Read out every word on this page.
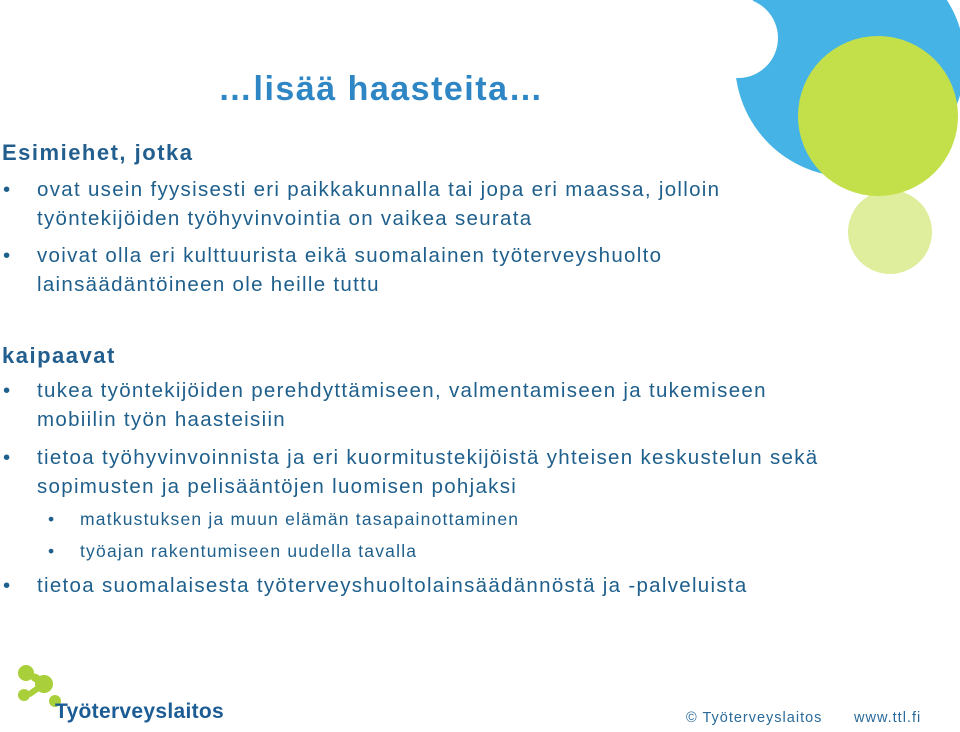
…lisää haasteita…
Esimiehet, jotka
• ovat usein fyysisesti eri paikkakunnalla tai jopa eri maassa, jolloin työntekijöiden työhyvinvointia on vaikea seurata
• voivat olla eri kulttuurista eikä suomalainen työterveyshuolto lainsäädäntöineen ole heille tuttu
kaipaavat
• tukea työntekijöiden perehdyttämiseen, valmentamiseen ja tukemiseen mobiilin työn haasteisiin
• tietoa työhyvinvoinnista ja eri kuormitustekijöistä yhteisen keskustelun sekä sopimusten ja pelisääntöjen luomisen pohjaksi
• matkustuksen ja muun elämän tasapainottaminen
• työajan rakentumiseen uudella tavalla
• tietoa suomalaisesta työterveyshuoltolainsäädännöstä ja -palveluista
Työterveyslaitos	© Työterveyslaitos www.ttl.fi
